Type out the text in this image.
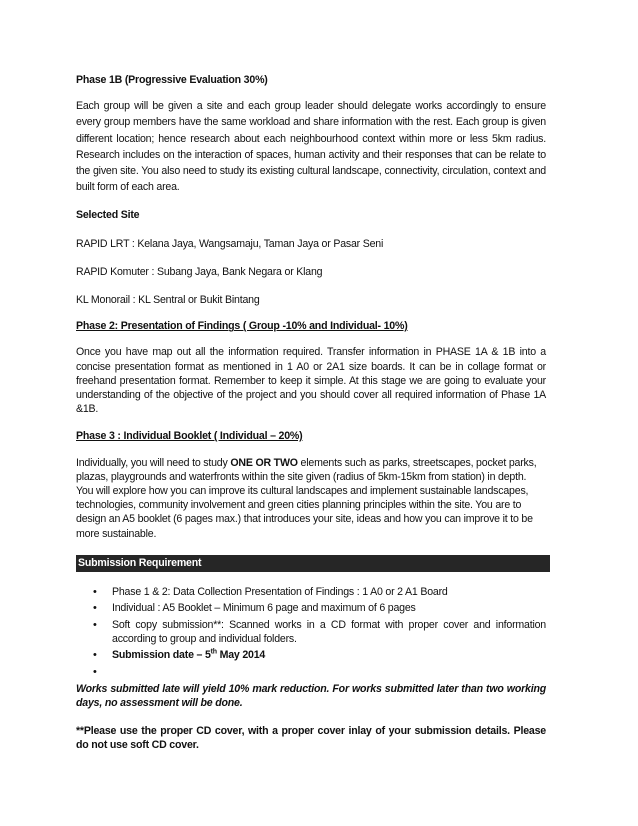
Phase 1B (Progressive Evaluation 30%)

Each group will be given a site and each group leader should delegate works accordingly to ensure every group members have the same workload and share information with the rest. Each group is given different location; hence research about each neighbourhood context within more or less 5km radius. Research includes on the interaction of spaces, human activity and their responses that can be relate to the given site. You also need to study its existing cultural landscape, connectivity, circulation, context and built form of each area.

Selected Site

RAPID LRT : Kelana Jaya, Wangsamaju, Taman Jaya or Pasar Seni

RAPID Komuter : Subang Jaya, Bank Negara or Klang

KL Monorail : KL Sentral or Bukit Bintang

Phase 2: Presentation of Findings ( Group -10% and Individual- 10%)

Once you have map out all the information required. Transfer information in PHASE 1A & 1B into a concise presentation format as mentioned in 1 A0 or 2A1 size boards. It can be in collage format or freehand presentation format. Remember to keep it simple. At this stage we are going to evaluate your understanding of the objective of the project and you should cover all required information of Phase 1A &1B.

Phase 3 : Individual Booklet ( Individual – 20%)

Individually, you will need to study ONE OR TWO elements such as parks, streetscapes, pocket parks, plazas, playgrounds and waterfronts within the site given (radius of 5km-15km from station) in depth. You will explore how you can improve its cultural landscapes and implement sustainable landscapes, technologies, community involvement and green cities planning principles within the site. You are to design an A5 booklet (6 pages max.) that introduces your site, ideas and how you can improve it to be more sustainable.

Submission Requirement
• Phase 1 & 2: Data Collection Presentation of Findings : 1 A0 or 2 A1 Board
• Individual : A5 Booklet – Minimum 6 page and maximum of 6 pages
• Soft copy submission**: Scanned works in a CD format with proper cover and information according to group and individual folders.
• Submission date – 5th May 2014
•

Works submitted late will yield 10% mark reduction. For works submitted later than two working days, no assessment will be done.

**Please use the proper CD cover, with a proper cover inlay of your submission details. Please do not use soft CD cover.
